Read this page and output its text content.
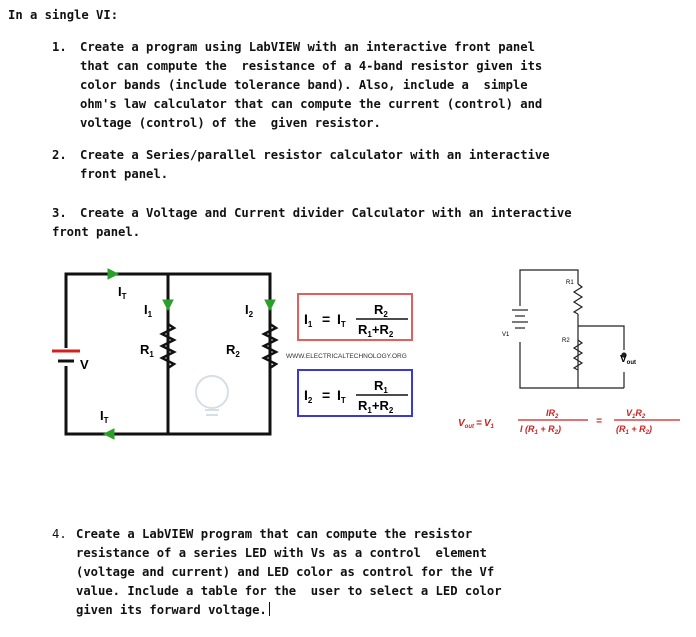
In a single VI:
1. Create a program using LabVIEW with an interactive front panel
that can compute the  resistance of a 4-band resistor given its
color bands (include tolerance band). Also, include a  simple
ohm's law calculator that can compute the current (control) and
voltage (control) of the  given resistor.
2. Create a Series/parallel resistor calculator with an interactive
front panel.
3. Create a Voltage and Current divider Calculator with an interactive
front panel.
$I_T$
$I_1$	$I_2$
$R_1$	$R_2$
V
$I_T$
$I_1 = I_T$
$R_2$
$R_1+R_2$
WWW.ELECTRICALTECHNOLOGY.ORG
$I_2 = I_T$
$R_1$
$R_1+R_2$
R1
R2
V1
$V_{out}$
$V_{out} = V_1$
$IR_2$
I $(R_1 + R_2)$
=
$V_1R_2$
$(R_1 + R_2)$
4. Create a LabVIEW program that can compute the resistor
resistance of a series LED with Vs as a control  element
(voltage and current) and LED color as control for the Vf
value. Include a table for the  user to select a LED color
given its forward voltage.
